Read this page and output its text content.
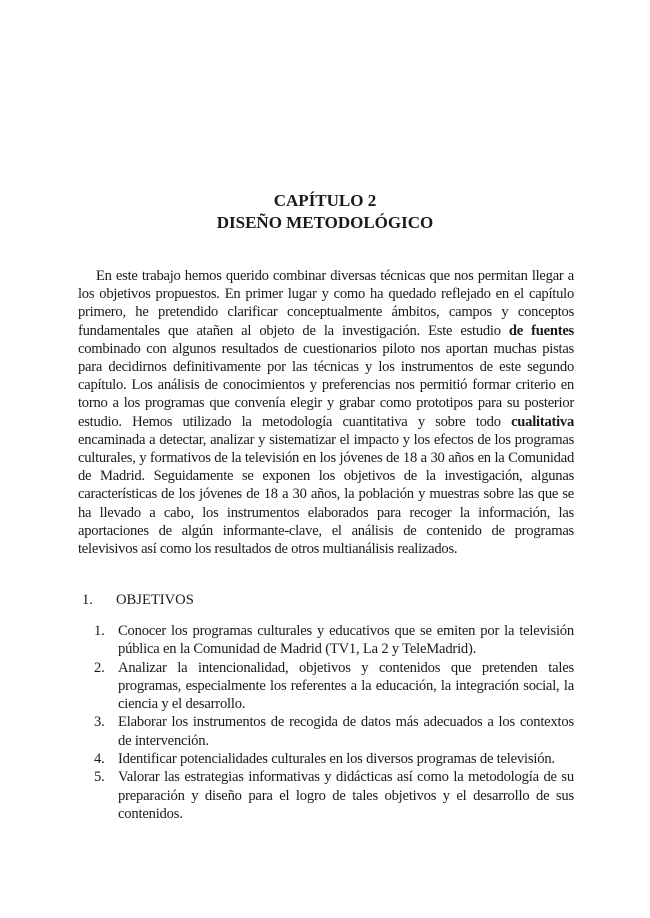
CAPÍTULO 2
DISEÑO METODOLÓGICO

En este trabajo hemos querido combinar diversas técnicas que nos permitan llegar a los objetivos propuestos. En primer lugar y como ha quedado reflejado en el capítulo primero, he pretendido clarificar conceptualmente ámbitos, campos y conceptos fundamentales que atañen al objeto de la investigación. Este estudio de fuentes combinado con algunos resultados de cuestionarios piloto nos aportan muchas pistas para decidirnos definitivamente por las técnicas y los instrumentos de este segundo capítulo. Los análisis de conocimientos y preferencias nos permitió formar criterio en torno a los programas que convenía elegir y grabar como prototipos para su posterior estudio. Hemos utilizado la metodología cuantitativa y sobre todo cualitativa encaminada a detectar, analizar y sistematizar el impacto y los efectos de los programas culturales, y formativos de la televisión en los jóvenes de 18 a 30 años en la Comunidad de Madrid. Seguidamente se exponen los objetivos de la investigación, algunas características de los jóvenes de 18 a 30 años, la población y muestras sobre las que se ha llevado a cabo, los instrumentos elaborados para recoger la información, las aportaciones de algún informante-clave, el análisis de contenido de programas televisivos así como los resultados de otros multianálisis realizados.

1. OBJETIVOS
1. Conocer los programas culturales y educativos que se emiten por la televisión pública en la Comunidad de Madrid (TV1, La 2 y TeleMadrid).
2. Analizar la intencionalidad, objetivos y contenidos que pretenden tales programas, especialmente los referentes a la educación, la integración social, la ciencia y el desarrollo.
3. Elaborar los instrumentos de recogida de datos más adecuados a los contextos de intervención.
4. Identificar potencialidades culturales en los diversos programas de televisión.
5. Valorar las estrategias informativas y didácticas así como la metodología de su preparación y diseño para el logro de tales objetivos y el desarrollo de sus contenidos.
